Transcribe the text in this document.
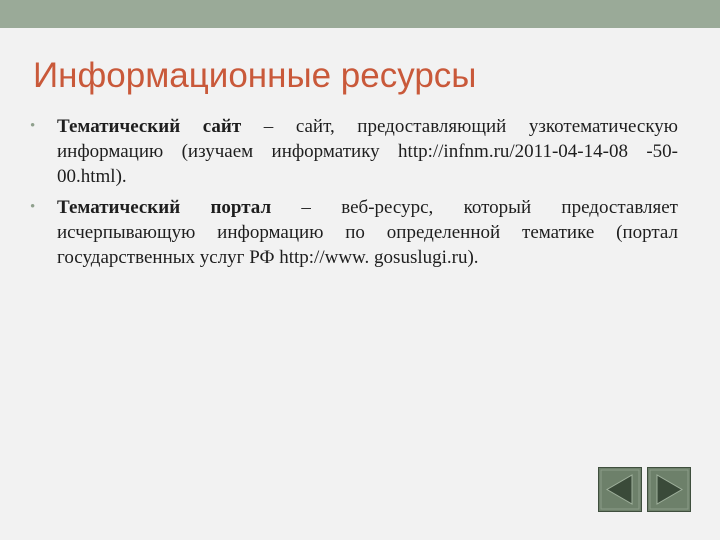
Информационные ресурсы
•	Тематический сайт – сайт, предоставляющий узкотематическую информацию (изучаем информатику http://infnm.ru/2011-04-14-08 -50-00.html).
•	Тематический портал – веб-ресурс, который предоставляет исчерпывающую информацию по определенной тематике (портал государственных услуг РФ http://www. gosuslugi.ru).
